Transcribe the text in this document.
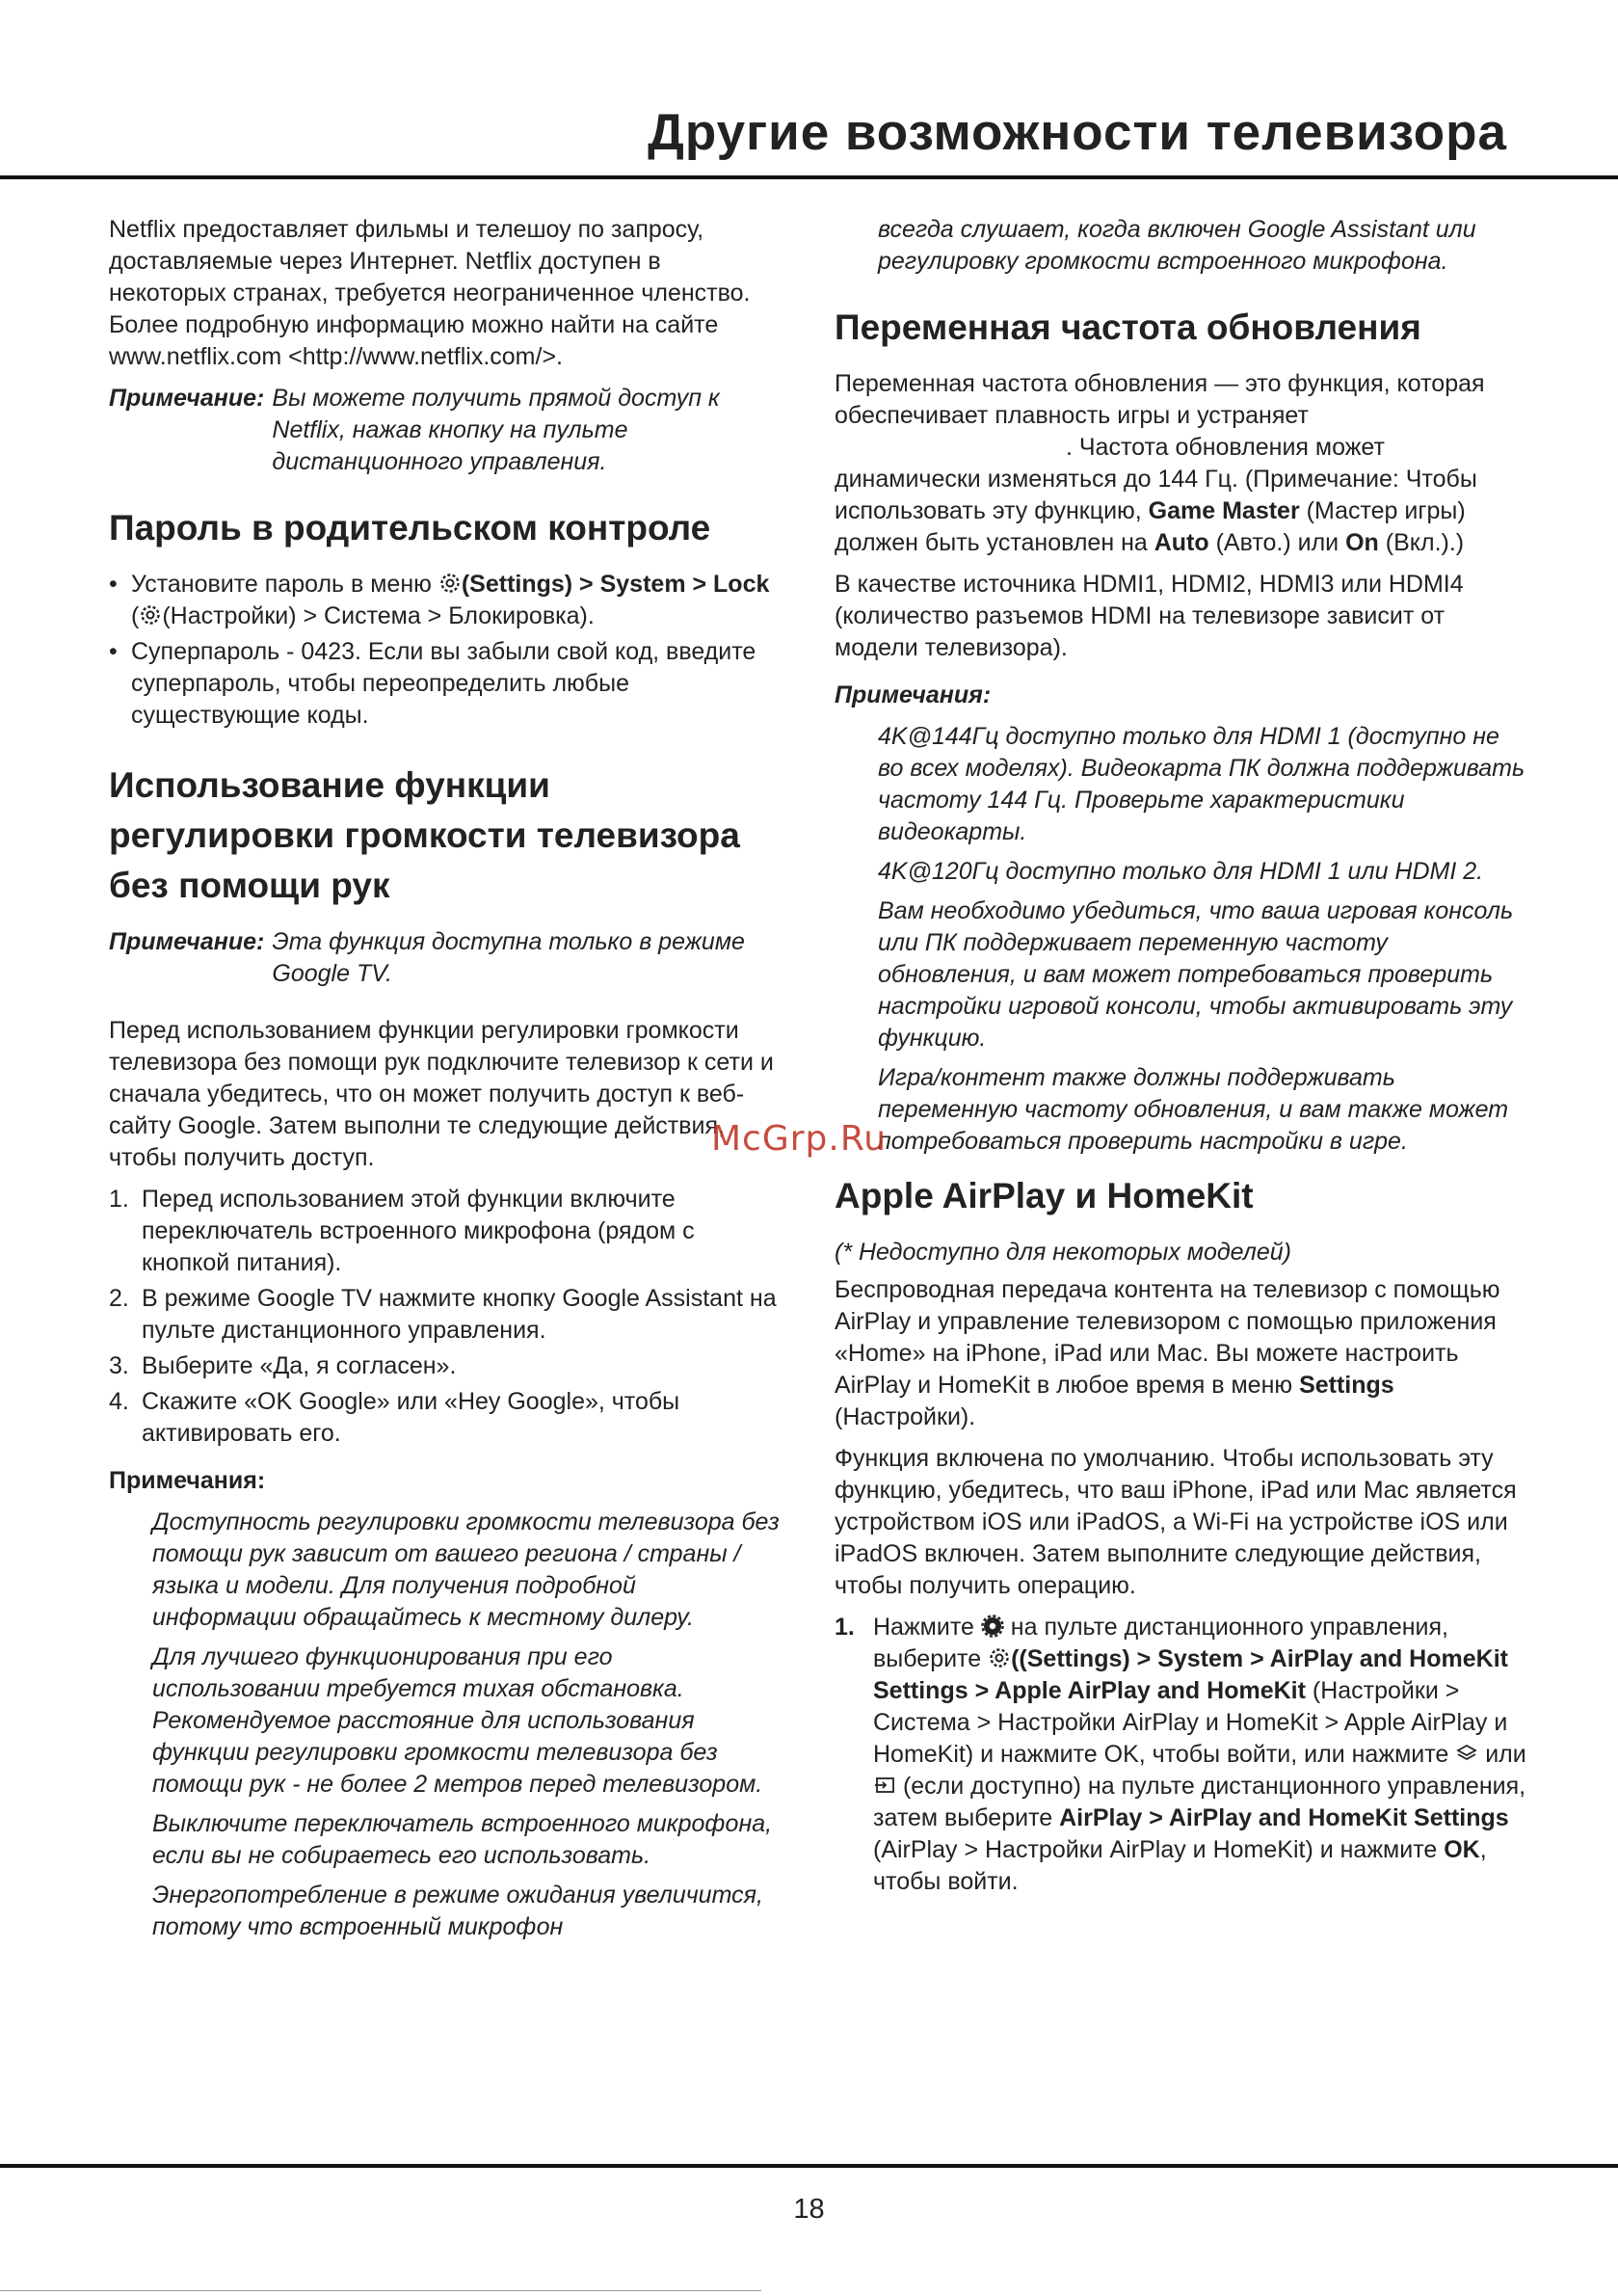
Другие возможности телевизора

Netflix предоставляет фильмы и телешоу по запросу, доставляемые через Интернет. Netflix доступен в некоторых странах, требуется неограниченное членство. Более подробную информацию можно найти на сайте www.netflix.com <http://www.netflix.com/>.

Примечание: Вы можете получить прямой доступ к Netflix, нажав кнопку на пульте дистанционного управления.
Пароль в родительском контроле
• Установите пароль в меню (Settings) > System > Lock ( (Настройки) > Система > Блокировка).
• Суперпароль - 0423. Если вы забыли свой код, введите суперпароль, чтобы переопределить любые существующие коды.
Использование функции регулировки громкости телевизора без помощи рук
Примечание: Эта функция доступна только в режиме Google TV.

Перед использованием функции регулировки громкости телевизора без помощи рук подключите телевизор к сети и сначала убедитесь, что он может получить доступ к веб-сайту Google. Затем выполни те следующие действия, чтобы получить доступ.

1. Перед использованием этой функции включите переключатель встроенного микрофона (рядом с кнопкой питания).
2. В режиме Google TV нажмите кнопку Google Assistant на пульте дистанционного управления.
3. Выберите «Да, я согласен».
4. Скажите «OK Google» или «Hey Google», чтобы активировать его.
Примечания:

Доступность регулировки громкости телевизора без помощи рук зависит от вашего региона / страны / языка и модели. Для получения подробной информации обращайтесь к местному дилеру.

Для лучшего функционирования при его использовании требуется тихая обстановка. Рекомендуемое расстояние для использования функции регулировки громкости телевизора без помощи рук - не более 2 метров перед телевизором.

Выключите переключатель встроенного микрофона, если вы не собираетесь его использовать.

Энергопотребление в режиме ожидания увеличится, потому что встроенный микрофон

всегда слушает, когда включен Google Assistant или регулировку громкости встроенного микрофона.

Переменная частота обновления

Переменная частота обновления — это функция, которая обеспечивает плавность игры и устраняет. Частота обновления может динамически изменяться до 144 Гц. (Примечание: Чтобы использовать эту функцию, Game Master (Мастер игры) должен быть установлен на Auto (Авто.) или On (Вкл.).)

В качестве источника HDMI1, HDMI2, HDMI3 или HDMI4 (количество разъемов HDMI на телевизоре зависит от модели телевизора).

Примечания:

4K@144Гц доступно только для HDMI 1 (доступно не во всех моделях). Видеокарта ПК должна поддерживать частоту 144 Гц. Проверьте характеристики видеокарты.

4K@120Гц доступно только для HDMI 1 или HDMI 2.

Вам необходимо убедиться, что ваша игровая консоль или ПК поддерживает переменную частоту обновления, и вам может потребоваться проверить настройки игровой консоли, чтобы активировать эту функцию.

Игра/контент также должны поддерживать переменную частоту обновления, и вам также может потребоваться проверить настройки в игре.

Apple AirPlay и HomeKit
(* Недоступно для некоторых моделей)

Беспроводная передача контента на телевизор с помощью AirPlay и управление телевизором с помощью приложения «Home» на iPhone, iPad или Mac. Вы можете настроить AirPlay и HomeKit в любое время в меню Settings (Настройки).

Функция включена по умолчанию. Чтобы использовать эту функцию, убедитесь, что ваш iPhone, iPad или Mac является устройством iOS или iPadOS, а Wi-Fi на устройстве iOS или iPadOS включен. Затем выполните следующие действия, чтобы получить операцию.

1. Нажмите  на пульте дистанционного управления, выберите ((Settings) > System > AirPlay and HomeKit Settings > Apple AirPlay and HomeKit (Настройки > Система > Настройки AirPlay и HomeKit > Apple AirPlay и HomeKit) и нажмите OK, чтобы войти, или нажмите  или  (если доступно) на пульте дистанционного управления, затем выберите AirPlay > AirPlay and HomeKit Settings (AirPlay > Настройки AirPlay и HomeKit) и нажмите OK, чтобы войти.
McGrp.Ru
18
